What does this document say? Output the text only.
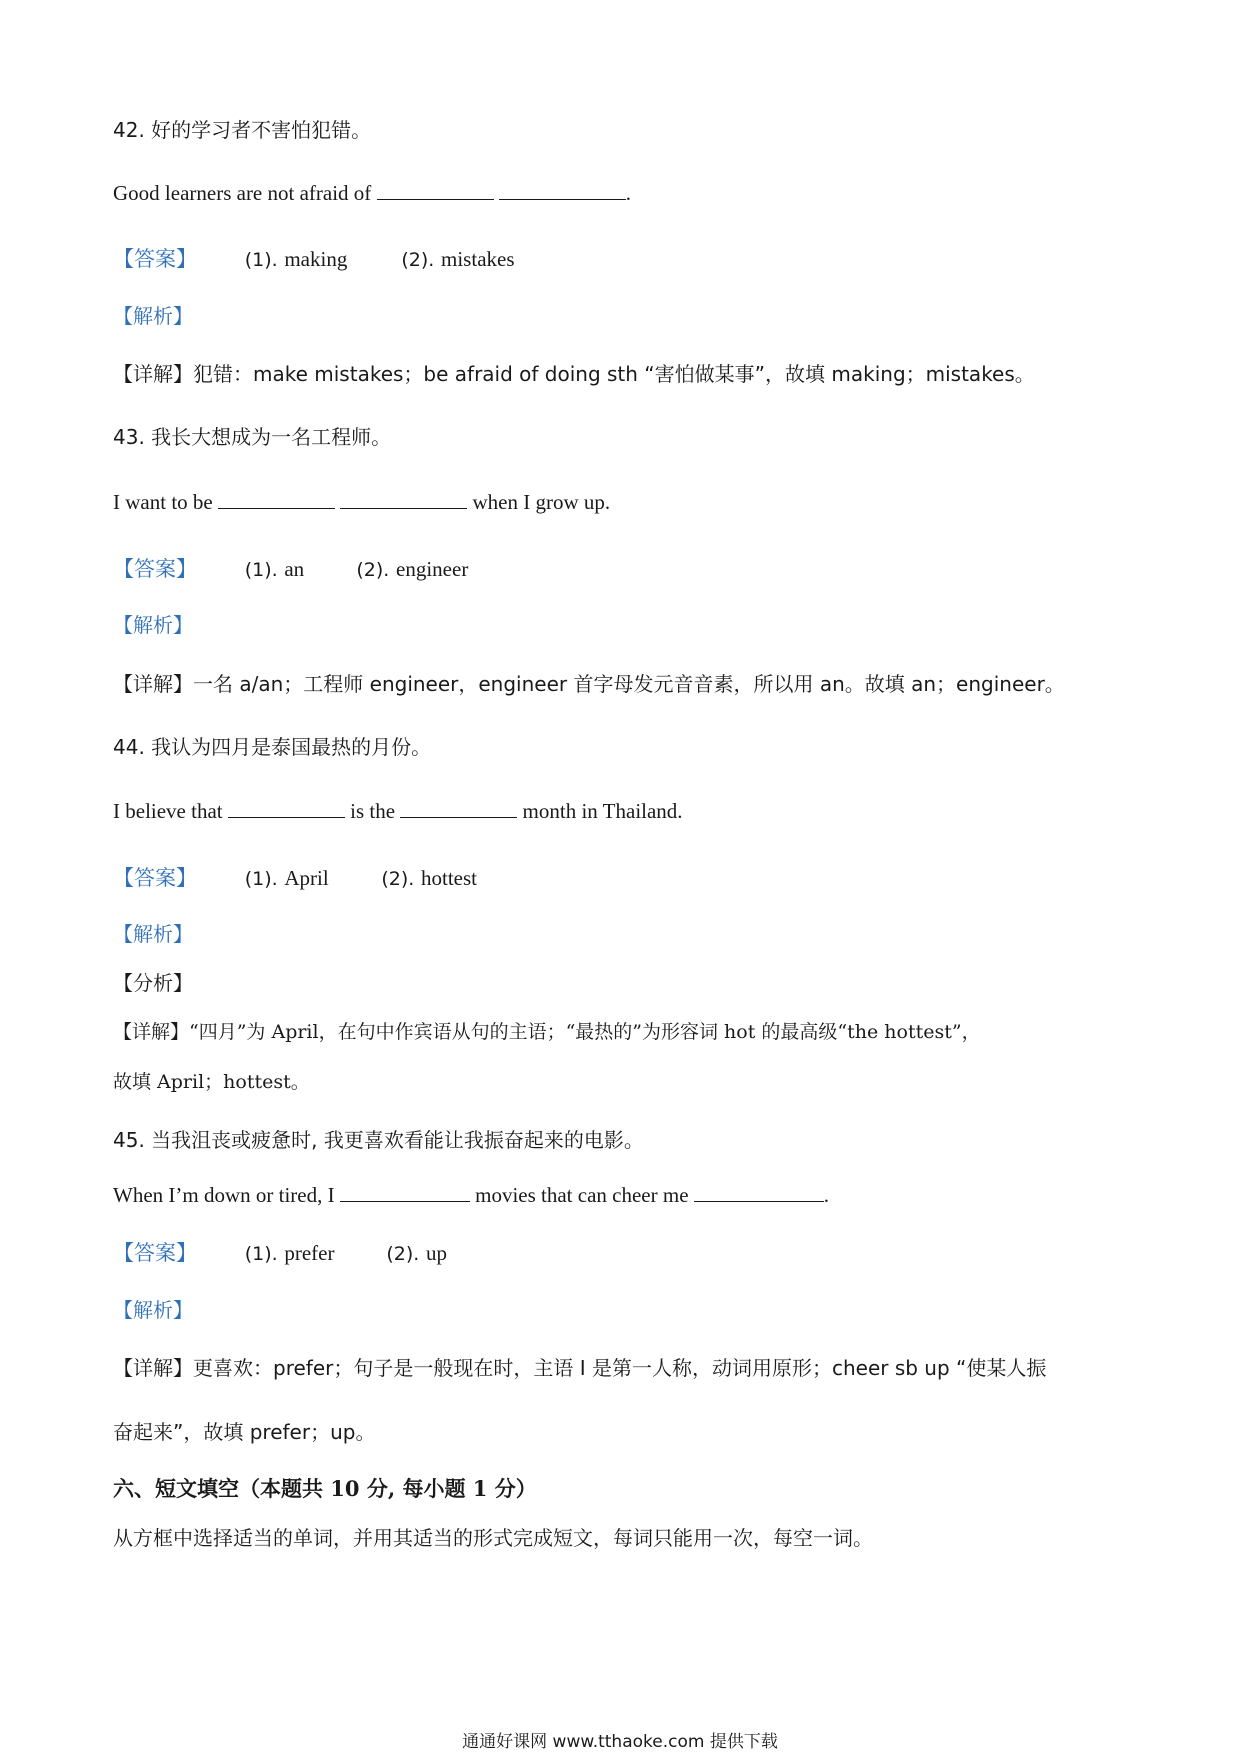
42. 好的学习者不害怕犯错。

Good learners are not afraid of	.

【答案】	(1). making	(2). mistakes

【解析】

【详解】犯错：make mistakes；be afraid of doing sth “害怕做某事”，故填 making；mistakes。

43. 我长大想成为一名工程师。

I want to be	when I grow up.

【答案】	(1). an	(2). engineer

【解析】

【详解】一名 a/an；工程师 engineer，engineer 首字母发元音音素，所以用 an。故填 an；engineer。

44. 我认为四月是泰国最热的月份。

I believe that	is the	month in Thailand.

【答案】	(1). April	(2). hottest

【解析】

【分析】

【详解】“四月”为 April，在句中作宾语从句的主语；“最热的”为形容词 hot 的最高级“the hottest”，

故填 April；hottest。

45. 当我沮丧或疲惫时, 我更喜欢看能让我振奋起来的电影。

When I’m down or tired, I	movies that can cheer me	.

【答案】	(1). prefer	(2). up

【解析】

【详解】更喜欢：prefer；句子是一般现在时，主语 I 是第一人称，动词用原形；cheer sb up “使某人振

奋起来”，故填 prefer；up。

六、短文填空（本题共 10 分, 每小题 1 分）

从方框中选择适当的单词，并用其适当的形式完成短文，每词只能用一次，每空一词。

通通好课网 www.tthaoke.com 提供下载
